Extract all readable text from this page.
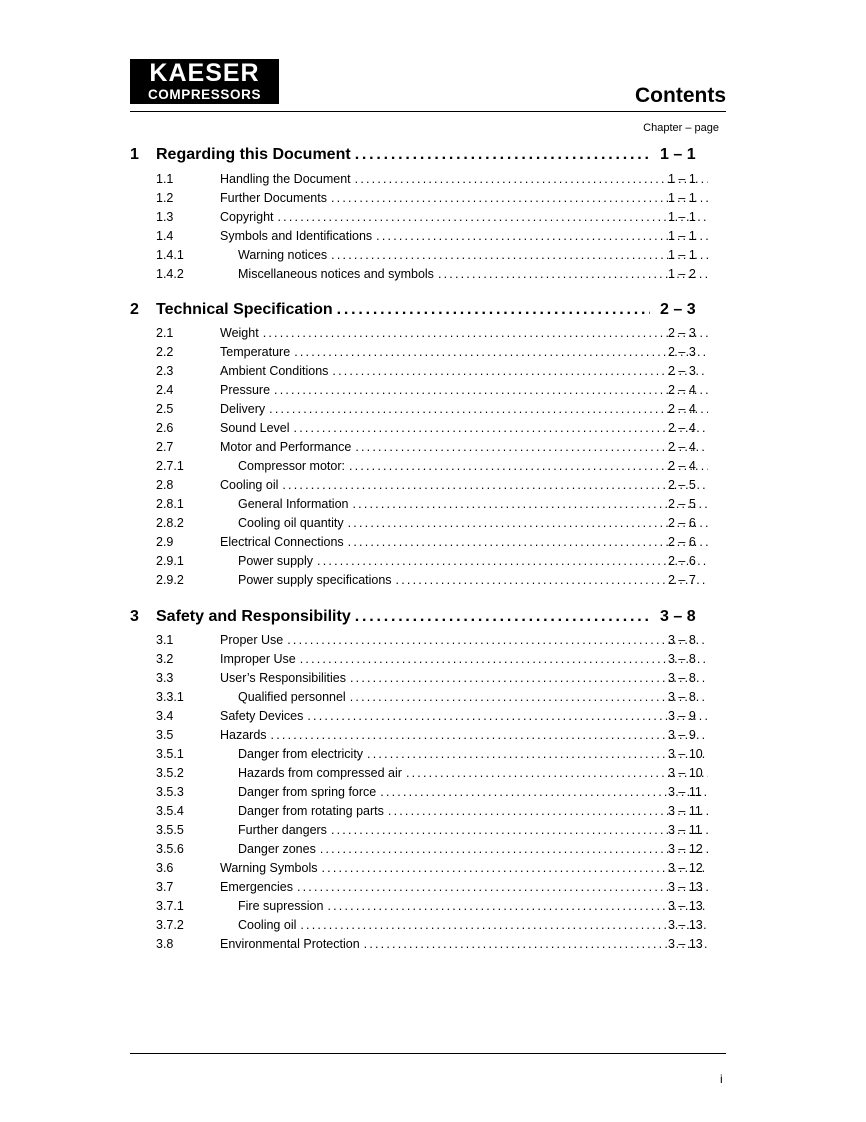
KAESER
COMPRESSORS	Contents
Chapter – page
1 Regarding this Document .....	1 – 1
1.1	Handling the Document .....	1 – 1
1.2	Further Documents .....	1 – 1
1.3	Copyright .....	1 – 1
1.4	Symbols and Identifications .....	1 – 1
1.4.1	Warning notices .....	1 – 1
1.4.2	Miscellaneous notices and symbols .....	1 – 2
2 Technical Specification .....	2 – 3
2.1	Weight .....	2 – 3
2.2	Temperature .....	2 – 3
2.3	Ambient Conditions .....	2 – 3
2.4	Pressure .....	2 – 4
2.5	Delivery .....	2 – 4
2.6	Sound Level .....	2 – 4
2.7	Motor and Performance .....	2 – 4
2.7.1	Compressor motor: .....	2 – 4
2.8	Cooling oil .....	2 – 5
2.8.1	General Information .....	2 – 5
2.8.2	Cooling oil quantity .....	2 – 6
2.9	Electrical Connections .....	2 – 6
2.9.1	Power supply .....	2 – 6
2.9.2	Power supply specifications .....	2 – 7
3 Safety and Responsibility .....	3 – 8
3.1	Proper Use .....	3 – 8
3.2	Improper Use .....	3 – 8
3.3	User’s Responsibilities .....	3 – 8
3.3.1	Qualified personnel .....	3 – 8
3.4	Safety Devices .....	3 – 9
3.5	Hazards .....	3 – 9
3.5.1	Danger from electricity .....	3 – 10
3.5.2	Hazards from compressed air .....	3 – 10
3.5.3	Danger from spring force .....	3 – 11
3.5.4	Danger from rotating parts .....	3 – 11
3.5.5	Further dangers .....	3 – 11
3.5.6	Danger zones .....	3 – 12
3.6	Warning Symbols .....	3 – 12
3.7	Emergencies .....	3 – 13
3.7.1	Fire supression .....	3 – 13
3.7.2	Cooling oil .....	3 – 13
3.8	Environmental Protection .....	3 – 13
i
